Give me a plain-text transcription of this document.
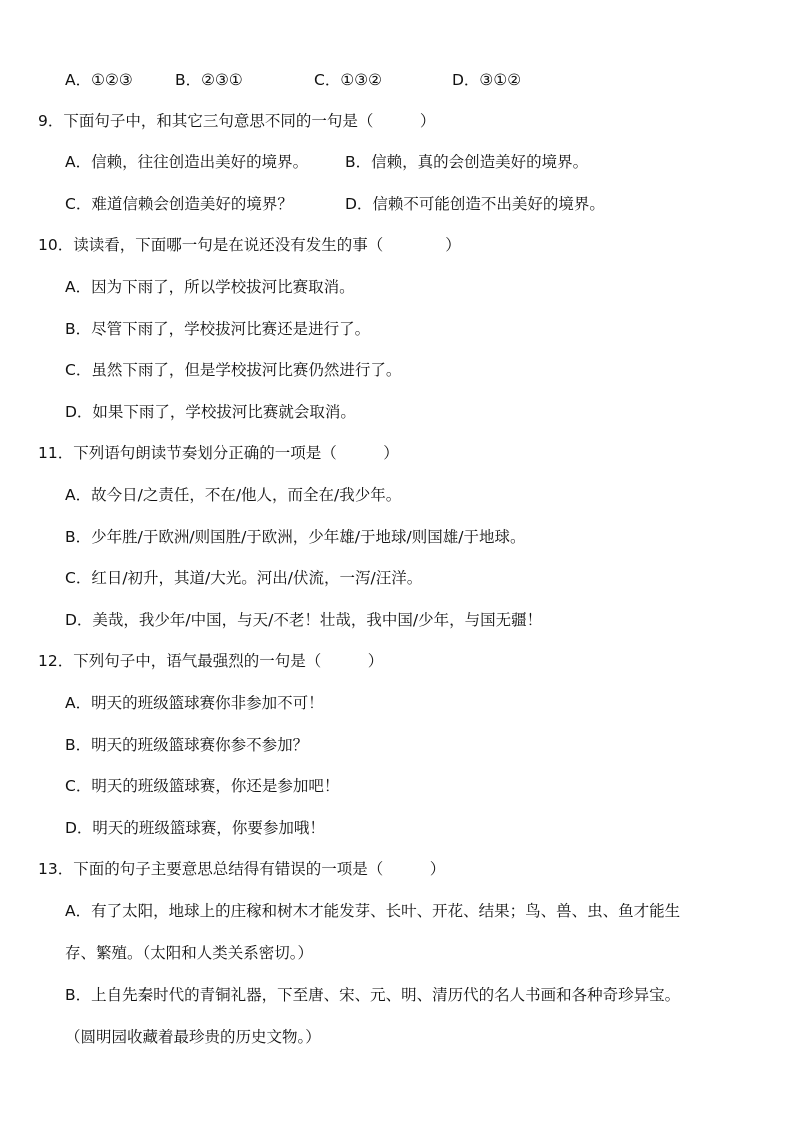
A．①②③	B．②③①	C．①③②	D．③①②
9．下面句子中，和其它三句意思不同的一句是（　　　）
A．信赖，往往创造出美好的境界。 B．信赖，真的会创造美好的境界。
C．难道信赖会创造美好的境界？	D．信赖不可能创造不出美好的境界。
10．读读看，下面哪一句是在说还没有发生的事（　　　　）
A．因为下雨了，所以学校拔河比赛取消。
B．尽管下雨了，学校拔河比赛还是进行了。
C．虽然下雨了，但是学校拔河比赛仍然进行了。
D．如果下雨了，学校拔河比赛就会取消。
11．下列语句朗读节奏划分正确的一项是（　　　）
A．故今日/之责任，不在/他人，而全在/我少年。
B．少年胜/于欧洲/则国胜/于欧洲，少年雄/于地球/则国雄/于地球。
C．红日/初升，其道/大光。河出/伏流，一泻/汪洋。
D．美哉，我少年/中国，与天/不老！壮哉，我中国/少年，与国无疆！
12．下列句子中，语气最强烈的一句是（　　　）
A．明天的班级篮球赛你非参加不可！
B．明天的班级篮球赛你参不参加？
C．明天的班级篮球赛，你还是参加吧！
D．明天的班级篮球赛，你要参加哦！
13．下面的句子主要意思总结得有错误的一项是（　　　）
A．有了太阳，地球上的庄稼和树木才能发芽、长叶、开花、结果；鸟、兽、虫、鱼才能生
存、繁殖。（太阳和人类关系密切。）
B．上自先秦时代的青铜礼器，下至唐、宋、元、明、清历代的名人书画和各种奇珍异宝。
（圆明园收藏着最珍贵的历史文物。）
